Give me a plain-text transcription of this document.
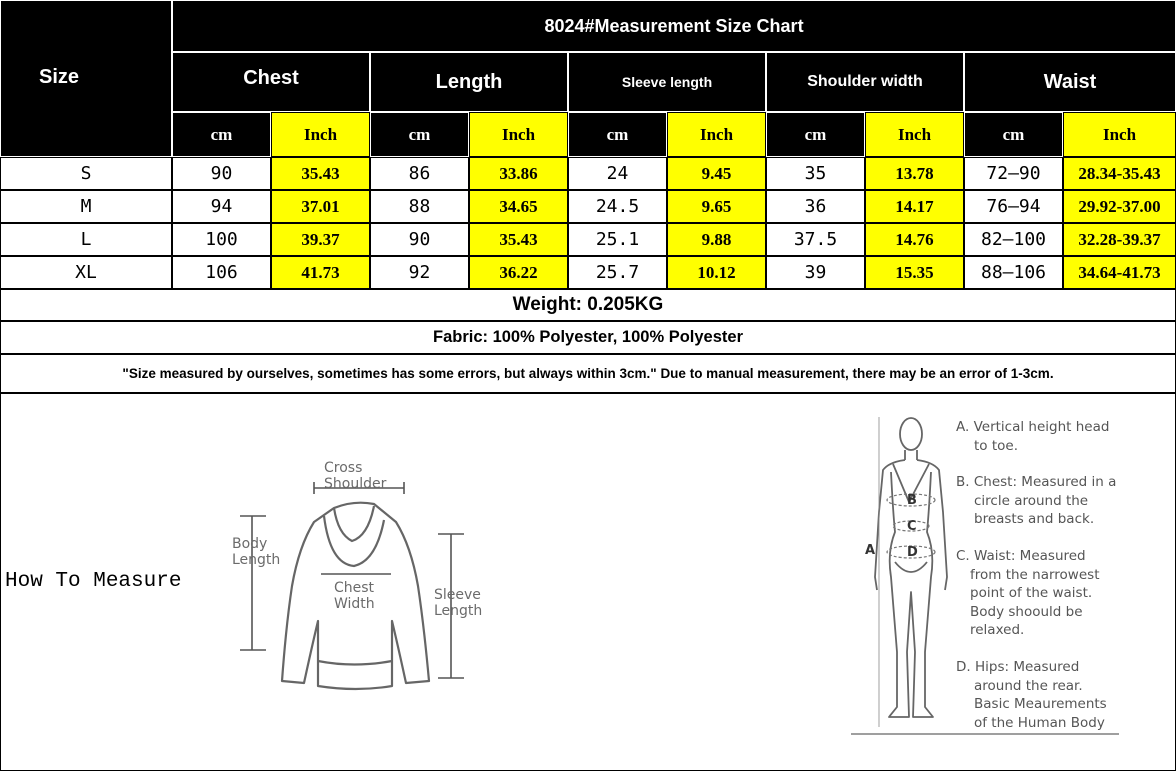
Size
8024#Measurement Size Chart
Chest	Length	Sleeve length	Shoulder width	Waist
cm	Inch	cm	Inch	cm	Inch	cm	Inch	cm	Inch
S	90	35.43	86	33.86	24	9.45	35	13.78	72–90	28.34-35.43
M	94	37.01	88	34.65	24.5	9.65	36	14.17	76–94	29.92-37.00
L	100	39.37	90	35.43	25.1	9.88	37.5	14.76	82–100	32.28-39.37
XL	106	41.73	92	36.22	25.7	10.12	39	15.35	88–106	34.64-41.73
Weight: 0.205KG
Fabric: 100% Polyester, 100% Polyester
"Size measured by ourselves, sometimes has some errors, but always within 3cm." Due to manual measurement, there may be an error of 1-3cm.
How To Measure
Cross
Shoulder
Body
Length
Chest
Width
Sleeve
Length
A
B
C
D
A. Vertical height head
to toe.
B. Chest: Measured in a
circle around the
breasts and back.
C. Waist: Measured
from the narrowest
point of the waist.
Body shoould be
relaxed.
D. Hips: Measured
around the rear.
Basic Meaurements
of the Human Body
